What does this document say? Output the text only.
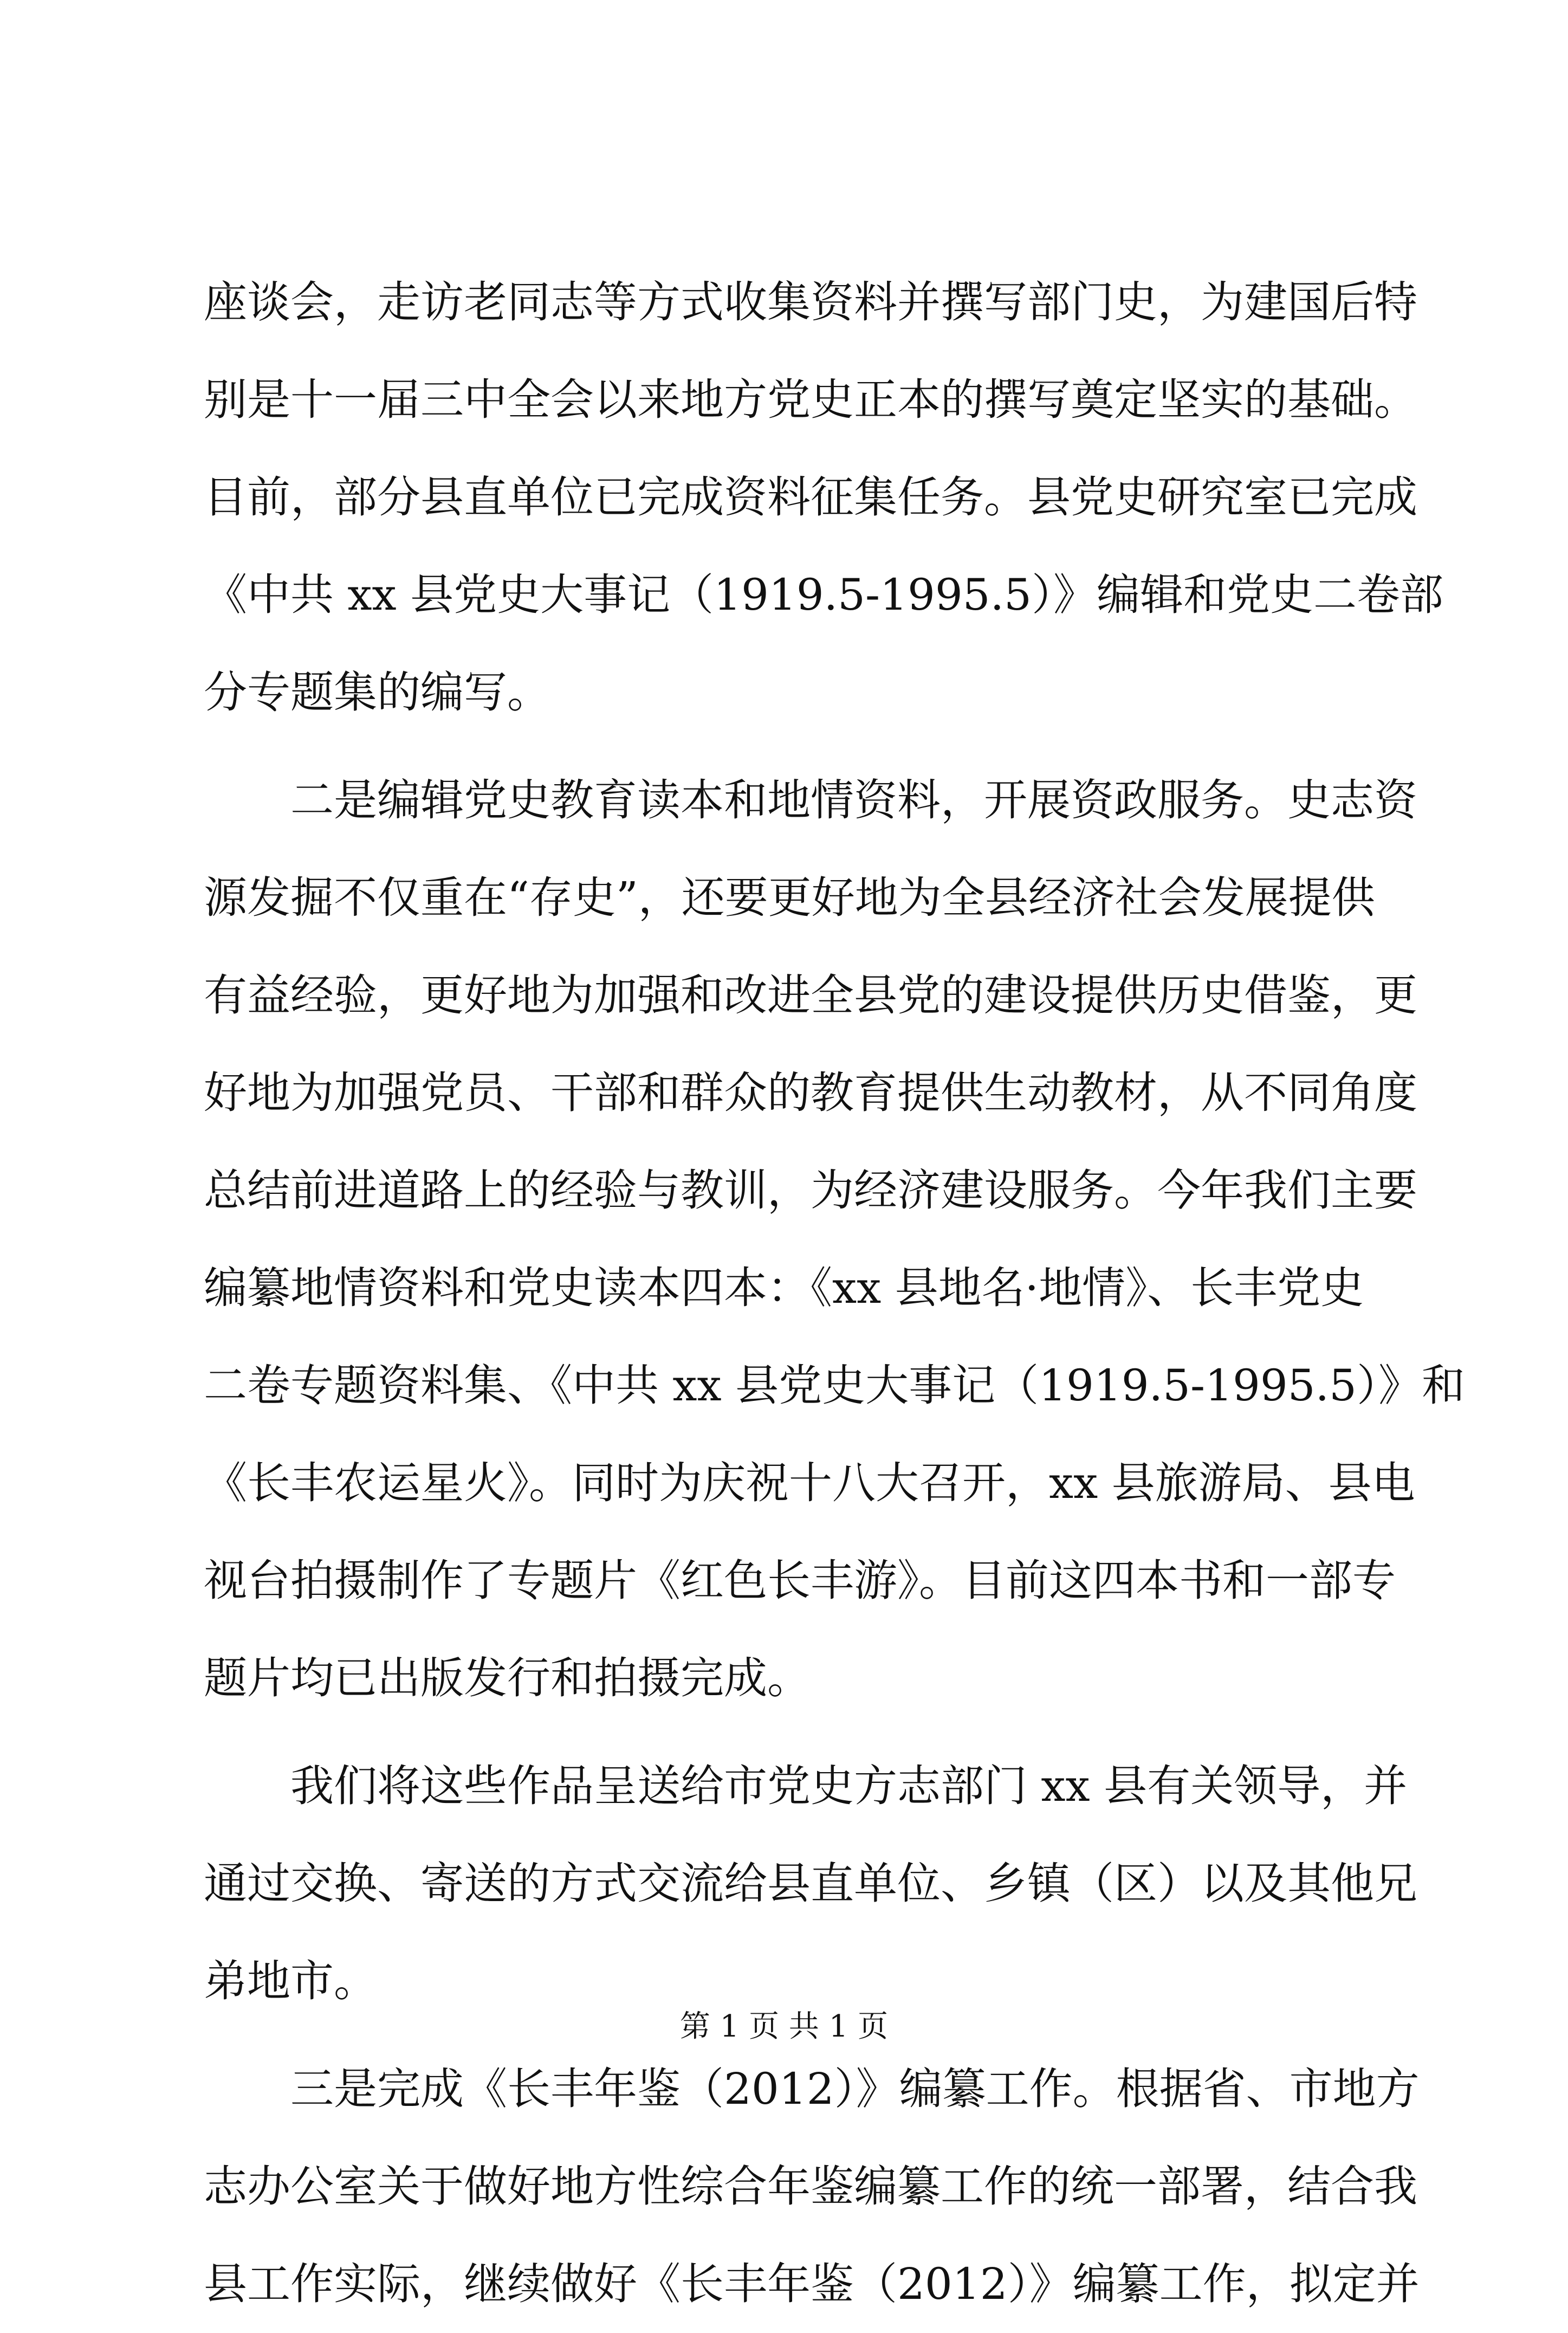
座谈会，走访老同志等方式收集资料并撰写部门史，为建国后特
别是十一届三中全会以来地方党史正本的撰写奠定坚实的基础。
目前，部分县直单位已完成资料征集任务。县党史研究室已完成
《中共 xx 县党史大事记（1919.5-1995.5）》编辑和党史二卷部
分专题集的编写。
　　二是编辑党史教育读本和地情资料，开展资政服务。史志资
源发掘不仅重在“存史”，还要更好地为全县经济社会发展提供
有益经验，更好地为加强和改进全县党的建设提供历史借鉴，更
好地为加强党员、干部和群众的教育提供生动教材，从不同角度
总结前进道路上的经验与教训，为经济建设服务。今年我们主要
编纂地情资料和党史读本四本：《xx 县地名·地情》、长丰党史
二卷专题资料集、《中共 xx 县党史大事记（1919.5-1995.5）》和
《长丰农运星火》。同时为庆祝十八大召开，xx 县旅游局、县电
视台拍摄制作了专题片《红色长丰游》。目前这四本书和一部专
题片均已出版发行和拍摄完成。
　　我们将这些作品呈送给市党史方志部门 xx 县有关领导，并
通过交换、寄送的方式交流给县直单位、乡镇（区）以及其他兄
弟地市。
　　三是完成《长丰年鉴（2012）》编纂工作。根据省、市地方
志办公室关于做好地方性综合年鉴编纂工作的统一部署，结合我
县工作实际，继续做好《长丰年鉴（2012）》编纂工作，拟定并
第 1 页 共 1 页
